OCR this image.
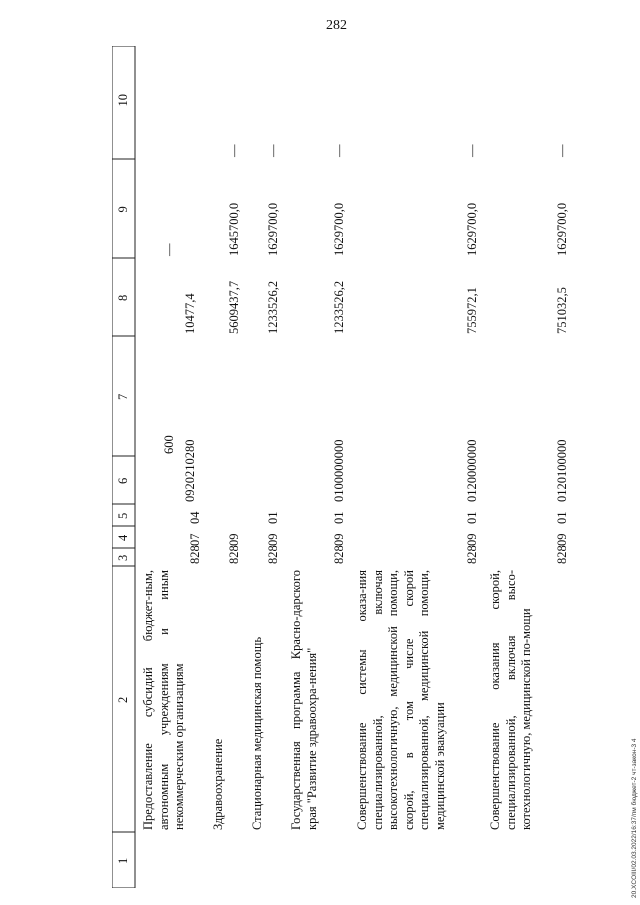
282
20.XCOIII/02.03.2022/16:37/пм бюджет-2 чт-закон-3 4
1
2
3
4
5
6
7
8
9
10
Предоставление субсидий бюджет-ным, автономным учреждениям и иным некоммерческим организациям
828
07
04
0920210280
600
10477,4
—
Здравоохранение
828
09
5609437,7
1645700,0
—
Стационарная медицинская помощь
828
09
01
1233526,2
1629700,0
—
Государственная программа Красно-дарского края "Развитие здравоохра-нения"
828
09
01
0100000000
1233526,2
1629700,0
—
Совершенствование системы оказа-ния специализированной, включая высокотехнологичную, медицинской помощи, скорой, в том числе скорой специализированной, медицинской помощи, медицинской эвакуации
828
09
01
0120000000
755972,1
1629700,0
—
Совершенствование оказания скорой, специализированной, включая высо-котехнологичную, медицинской по-мощи
828
09
01
0120100000
751032,5
1629700,0
—
